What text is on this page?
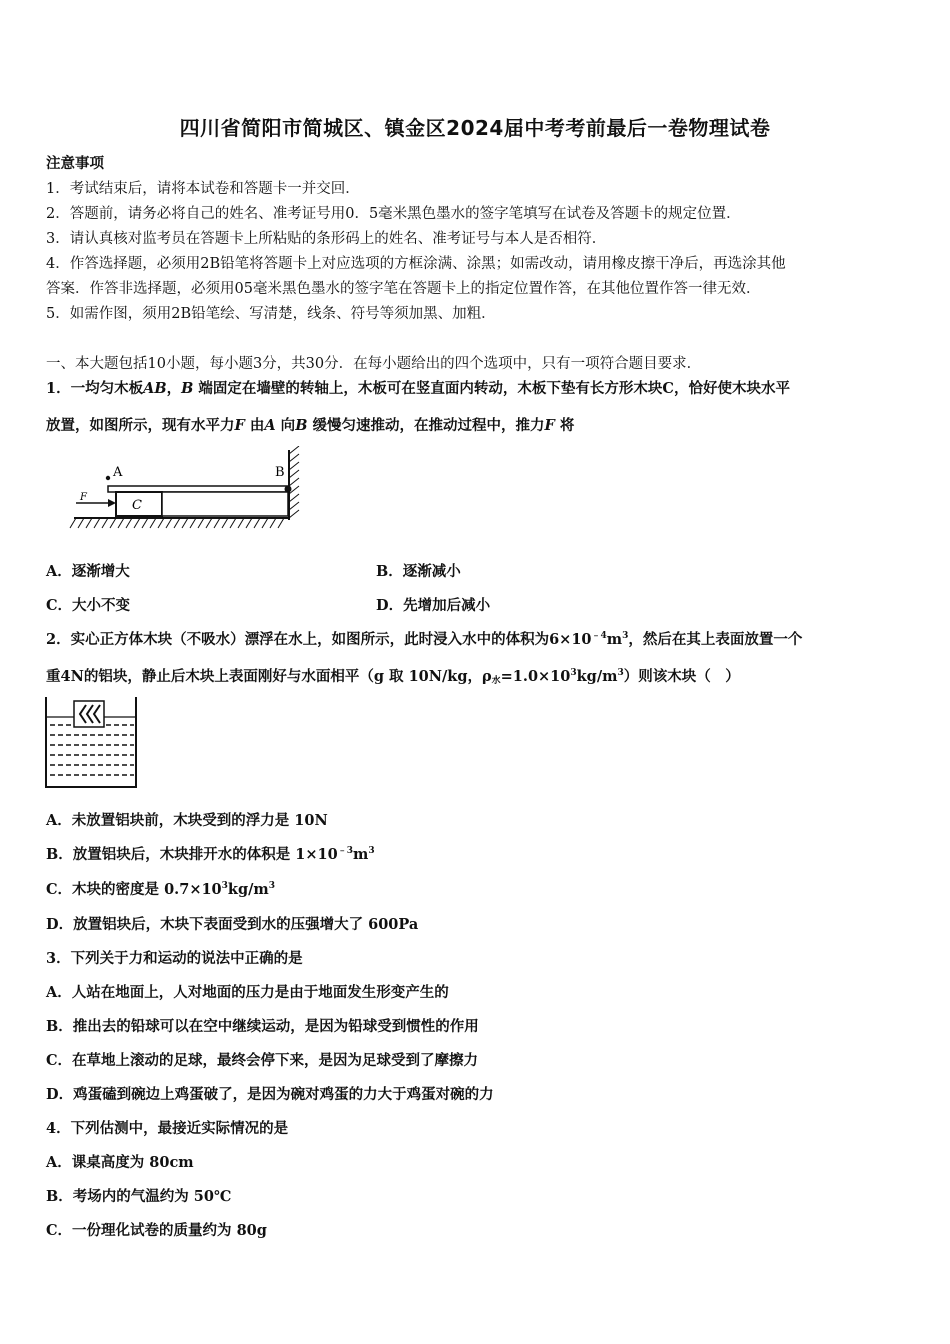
四川省简阳市简城区、镇金区2024届中考考前最后一卷物理试卷
注意事项
1．考试结束后，请将本试卷和答题卡一并交回．
2．答题前，请务必将自己的姓名、准考证号用0．5毫米黑色墨水的签字笔填写在试卷及答题卡的规定位置．
3．请认真核对监考员在答题卡上所粘贴的条形码上的姓名、准考证号与本人是否相符．
4．作答选择题，必须用2B铅笔将答题卡上对应选项的方框涂满、涂黑；如需改动，请用橡皮擦干净后，再选涂其他
答案．作答非选择题，必须用05毫米黑色墨水的签字笔在答题卡上的指定位置作答，在其他位置作答一律无效．
5．如需作图，须用2B铅笔绘、写清楚，线条、符号等须加黑、加粗．
一、本大题包括10小题，每小题3分，共30分．在每小题给出的四个选项中，只有一项符合题目要求．
1．一均匀木板AB，B 端固定在墙壁的转轴上，木板可在竖直面内转动，木板下垫有长方形木块C，恰好使木块水平
放置，如图所示，现有水平力F 由A 向B 缓慢匀速推动，在推动过程中，推力F 将
A	B
C
F
A．逐渐增大	B．逐渐减小
C．大小不变	D．先增加后减小
2．实心正方体木块（不吸水）漂浮在水上，如图所示，此时浸入水中的体积为$6\times 10^{﹣4}m^3$，然后在其上表面放置一个
重4N的铝块，静止后木块上表面刚好与水面相平（g 取 10N/kg，$\rho_水=1.0\times 10^3kg/m^3$）则该木块（　）
A．未放置铝块前，木块受到的浮力是 10N
B．放置铝块后，木块排开水的体积是 $1\times 10^{﹣3}m^3$
C．木块的密度是 $0.7\times 10^3kg/m^3$
D．放置铝块后，木块下表面受到水的压强增大了 600Pa
3．下列关于力和运动的说法中正确的是
A．人站在地面上，人对地面的压力是由于地面发生形变产生的
B．推出去的铅球可以在空中继续运动，是因为铅球受到惯性的作用
C．在草地上滚动的足球，最终会停下来，是因为足球受到了摩擦力
D．鸡蛋磕到碗边上鸡蛋破了，是因为碗对鸡蛋的力大于鸡蛋对碗的力
4．下列估测中，最接近实际情况的是
A．课桌高度为 80cm
B．考场内的气温约为 50℃
C．一份理化试卷的质量约为 80g
